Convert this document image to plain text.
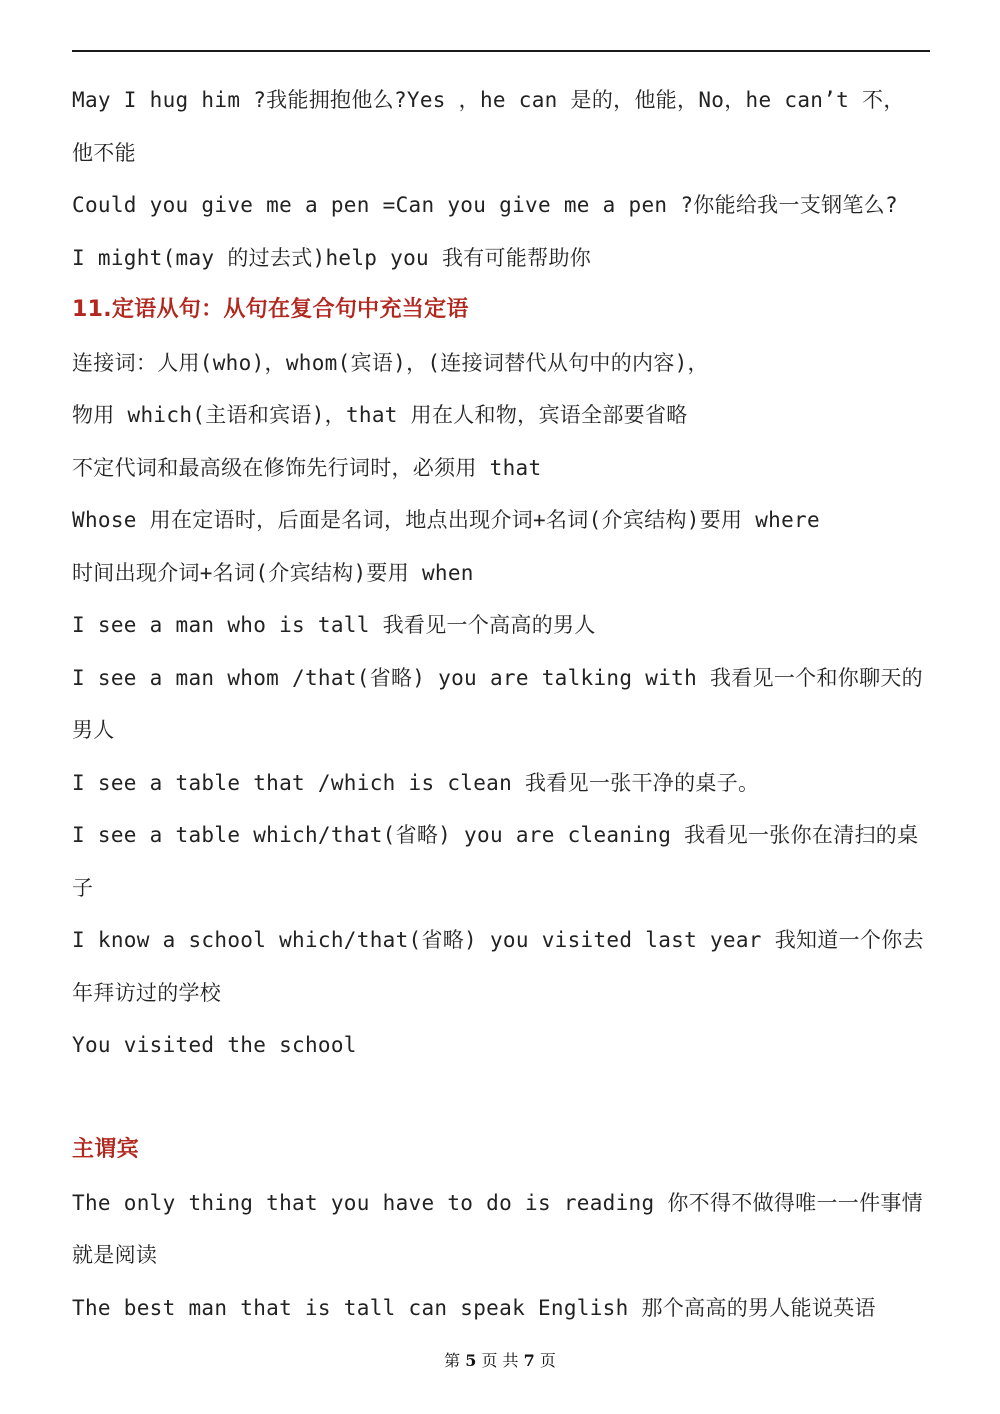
May I hug him ?我能拥抱他么?Yes ，he can 是的，他能，No，he can’t 不，
他不能
Could you give me a pen =Can you give me a pen ?你能给我一支钢笔么?
I might(may 的过去式)help you 我有可能帮助你
11.定语从句：从句在复合句中充当定语
连接词：人用(who)，whom(宾语)，(连接词替代从句中的内容)，
物用 which(主语和宾语)，that 用在人和物，宾语全部要省略
不定代词和最高级在修饰先行词时，必须用 that
Whose 用在定语时，后面是名词，地点出现介词+名词(介宾结构)要用 where
时间出现介词+名词(介宾结构)要用 when
I see a man who is tall 我看见一个高高的男人
I see a man whom /that(省略) you are talking with 我看见一个和你聊天的
男人
I see a table that /which is clean 我看见一张干净的桌子。
I see a table which/that(省略) you are cleaning 我看见一张你在清扫的桌
子
I know a school which/that(省略) you visited last year 我知道一个你去
年拜访过的学校
You visited the school
主谓宾
The only thing that you have to do is reading 你不得不做得唯一一件事情
就是阅读
The best man that is tall can speak English 那个高高的男人能说英语
第 5 页 共 7 页
